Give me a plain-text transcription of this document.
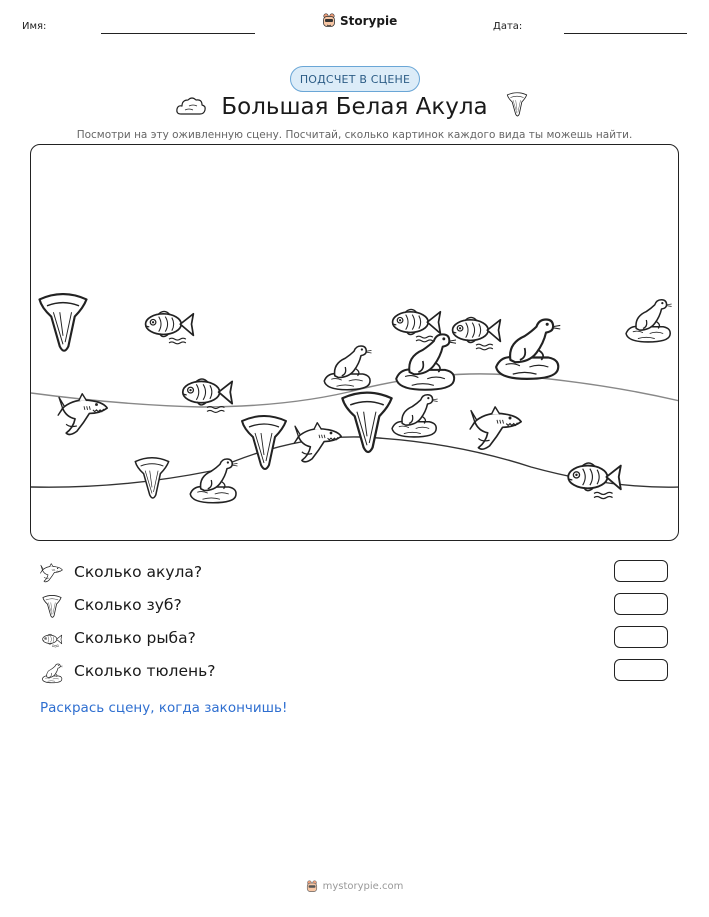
Имя:	Storypie	Дата:
ПОДСЧЕТ В СЦЕНЕ
Большая Белая Акула
Посмотри на эту оживленную сцену. Посчитай, сколько картинок каждого вида ты можешь найти.
Сколько акула?
Сколько зуб?
Сколько рыба?
Сколько тюлень?
Раскрась сцену, когда закончишь!
mystorypie.com
